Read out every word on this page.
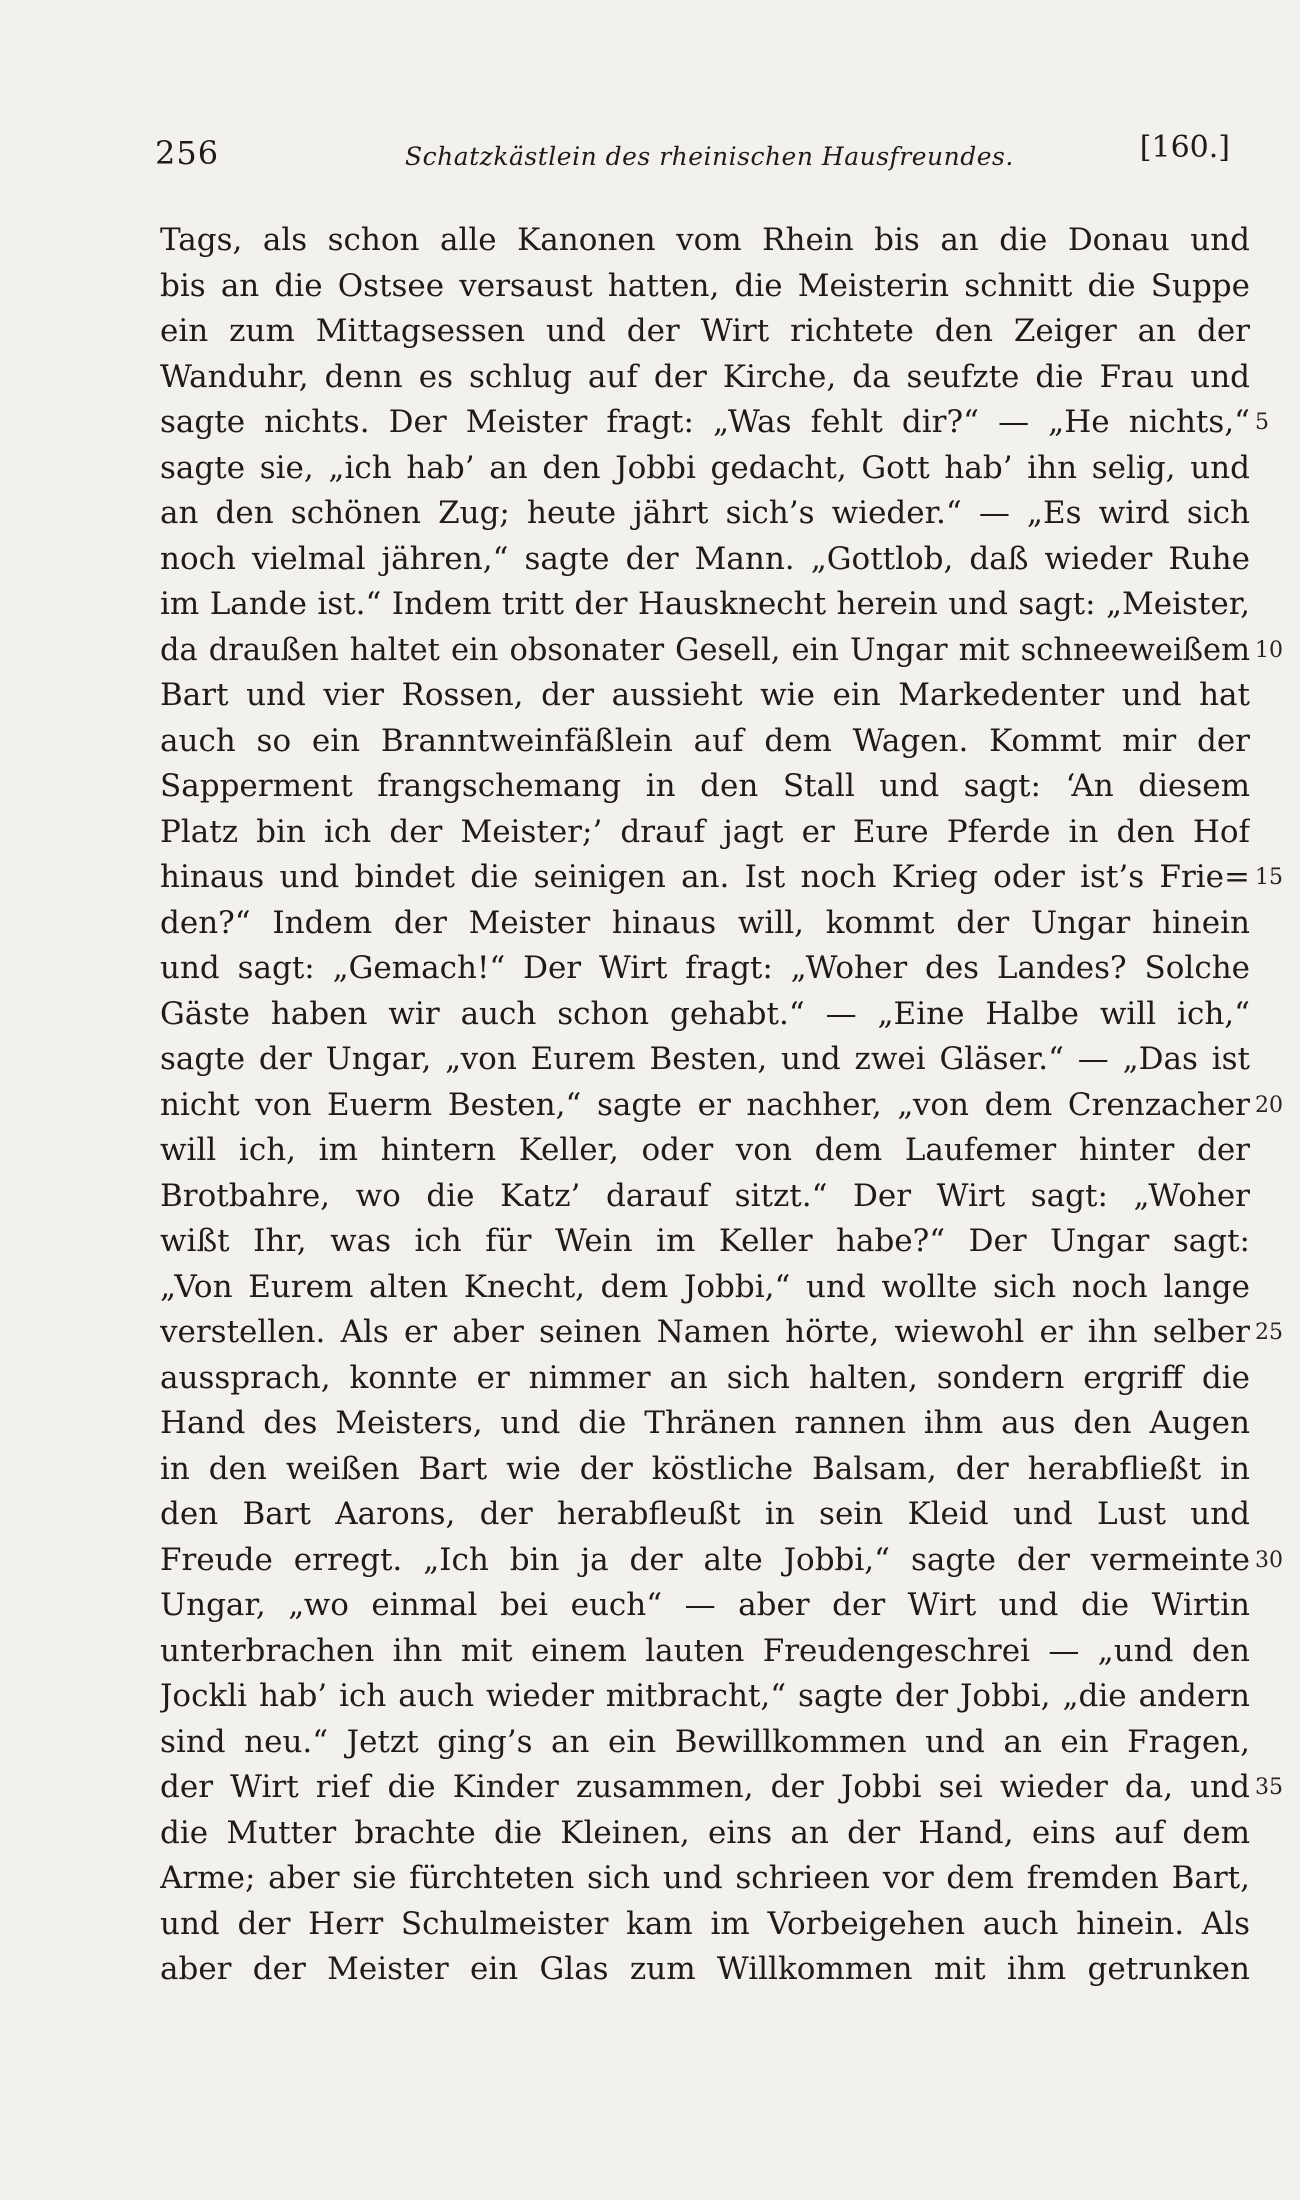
256	Schatzkästlein des rheinischen Hausfreundes.	[160.]
Tags, als schon alle Kanonen vom Rhein bis an die Donau und
bis an die Ostsee versaust hatten, die Meisterin schnitt die Suppe
ein zum Mittagsessen und der Wirt richtete den Zeiger an der
Wanduhr, denn es schlug auf der Kirche, da seufzte die Frau und
sagte nichts. Der Meister fragt: „Was fehlt dir?“ — „He nichts,“ 5
sagte sie, „ich hab’ an den Jobbi gedacht, Gott hab’ ihn selig, und
an den schönen Zug; heute jährt sich’s wieder.“ — „Es wird sich
noch vielmal jähren,“ sagte der Mann. „Gottlob, daß wieder Ruhe
im Lande ist.“ Indem tritt der Hausknecht herein und sagt: „Meister,
da draußen haltet ein obsonater Gesell, ein Ungar mit schneeweißem 10
Bart und vier Rossen, der aussieht wie ein Markedenter und hat
auch so ein Branntweinfäßlein auf dem Wagen. Kommt mir der
Sapperment frangschemang in den Stall und sagt: ‘An diesem
Platz bin ich der Meister;’ drauf jagt er Eure Pferde in den Hof
hinaus und bindet die seinigen an. Ist noch Krieg oder ist’s Frie= 15
den?“ Indem der Meister hinaus will, kommt der Ungar hinein
und sagt: „Gemach!“ Der Wirt fragt: „Woher des Landes? Solche
Gäste haben wir auch schon gehabt.“ — „Eine Halbe will ich,“
sagte der Ungar, „von Eurem Besten, und zwei Gläser.“ — „Das ist
nicht von Euerm Besten,“ sagte er nachher, „von dem Crenzacher 20
will ich, im hintern Keller, oder von dem Laufemer hinter der
Brotbahre, wo die Katz’ darauf sitzt.“ Der Wirt sagt: „Woher
wißt Ihr, was ich für Wein im Keller habe?“ Der Ungar sagt:
„Von Eurem alten Knecht, dem Jobbi,“ und wollte sich noch lange
verstellen. Als er aber seinen Namen hörte, wiewohl er ihn selber 25
aussprach, konnte er nimmer an sich halten, sondern ergriff die
Hand des Meisters, und die Thränen rannen ihm aus den Augen
in den weißen Bart wie der köstliche Balsam, der herabfließt in
den Bart Aarons, der herabfleußt in sein Kleid und Lust und
Freude erregt. „Ich bin ja der alte Jobbi,“ sagte der vermeinte 30
Ungar, „wo einmal bei euch“ — aber der Wirt und die Wirtin
unterbrachen ihn mit einem lauten Freudengeschrei — „und den
Jockli hab’ ich auch wieder mitbracht,“ sagte der Jobbi, „die andern
sind neu.“ Jetzt ging’s an ein Bewillkommen und an ein Fragen,
der Wirt rief die Kinder zusammen, der Jobbi sei wieder da, und 35
die Mutter brachte die Kleinen, eins an der Hand, eins auf dem
Arme; aber sie fürchteten sich und schrieen vor dem fremden Bart,
und der Herr Schulmeister kam im Vorbeigehen auch hinein. Als
aber der Meister ein Glas zum Willkommen mit ihm getrunken
